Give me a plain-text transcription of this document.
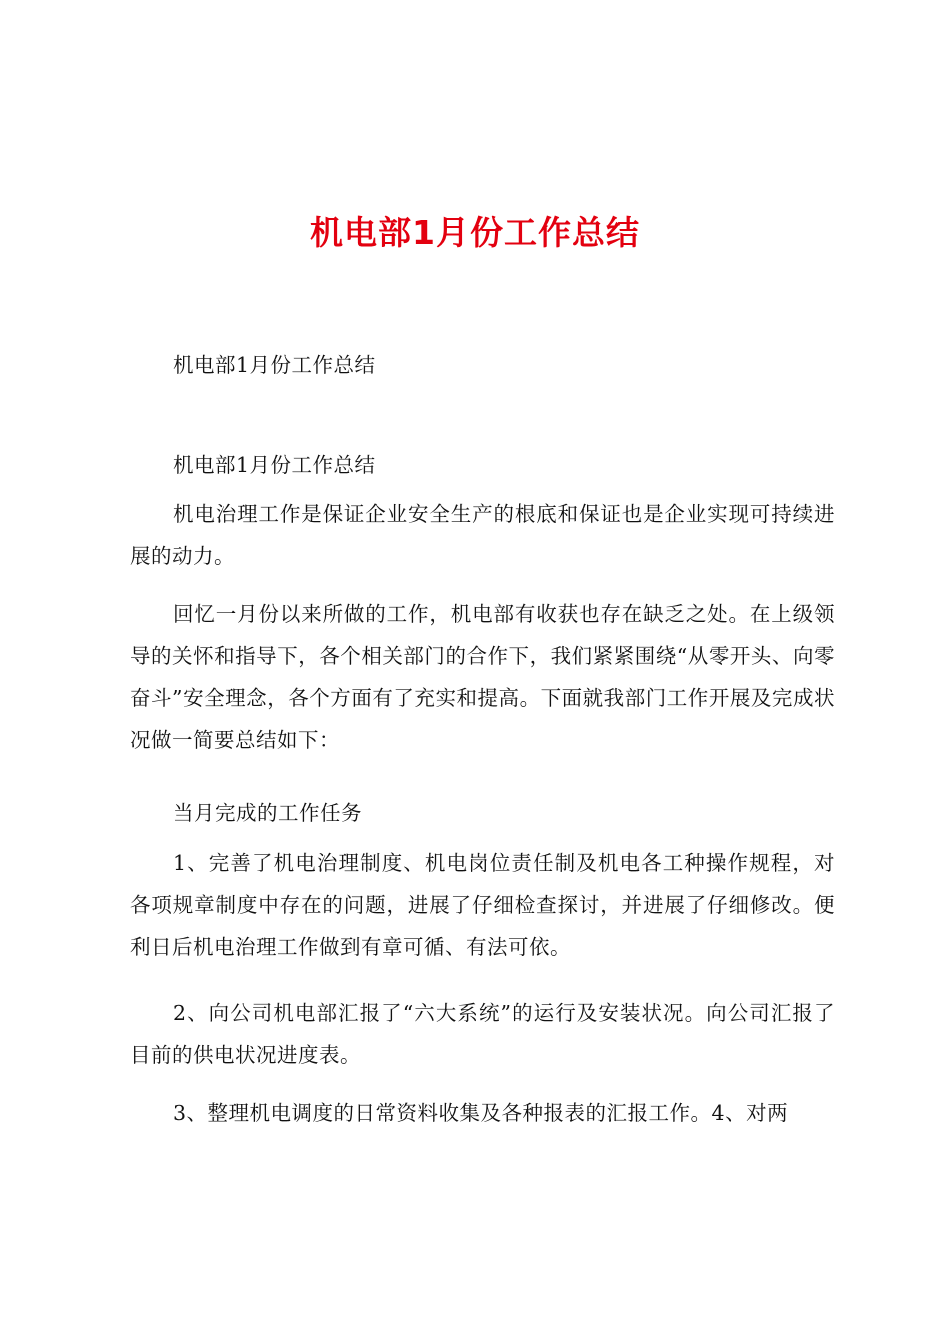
机电部1月份工作总结

机电部1月份工作总结

机电部1月份工作总结

机电治理工作是保证企业安全生产的根底和保证也是企业实现可持续进展的动力。

回忆一月份以来所做的工作，机电部有收获也存在缺乏之处。在上级领导的关怀和指导下，各个相关部门的合作下，我们紧紧围绕“从零开头、向零奋斗”安全理念，各个方面有了充实和提高。下面就我部门工作开展及完成状况做一简要总结如下：

当月完成的工作任务

1、完善了机电治理制度、机电岗位责任制及机电各工种操作规程，对各项规章制度中存在的问题，进展了仔细检查探讨，并进展了仔细修改。便利日后机电治理工作做到有章可循、有法可依。

2、向公司机电部汇报了“六大系统”的运行及安装状况。向公司汇报了目前的供电状况进度表。

3、整理机电调度的日常资料收集及各种报表的汇报工作。4、对两
